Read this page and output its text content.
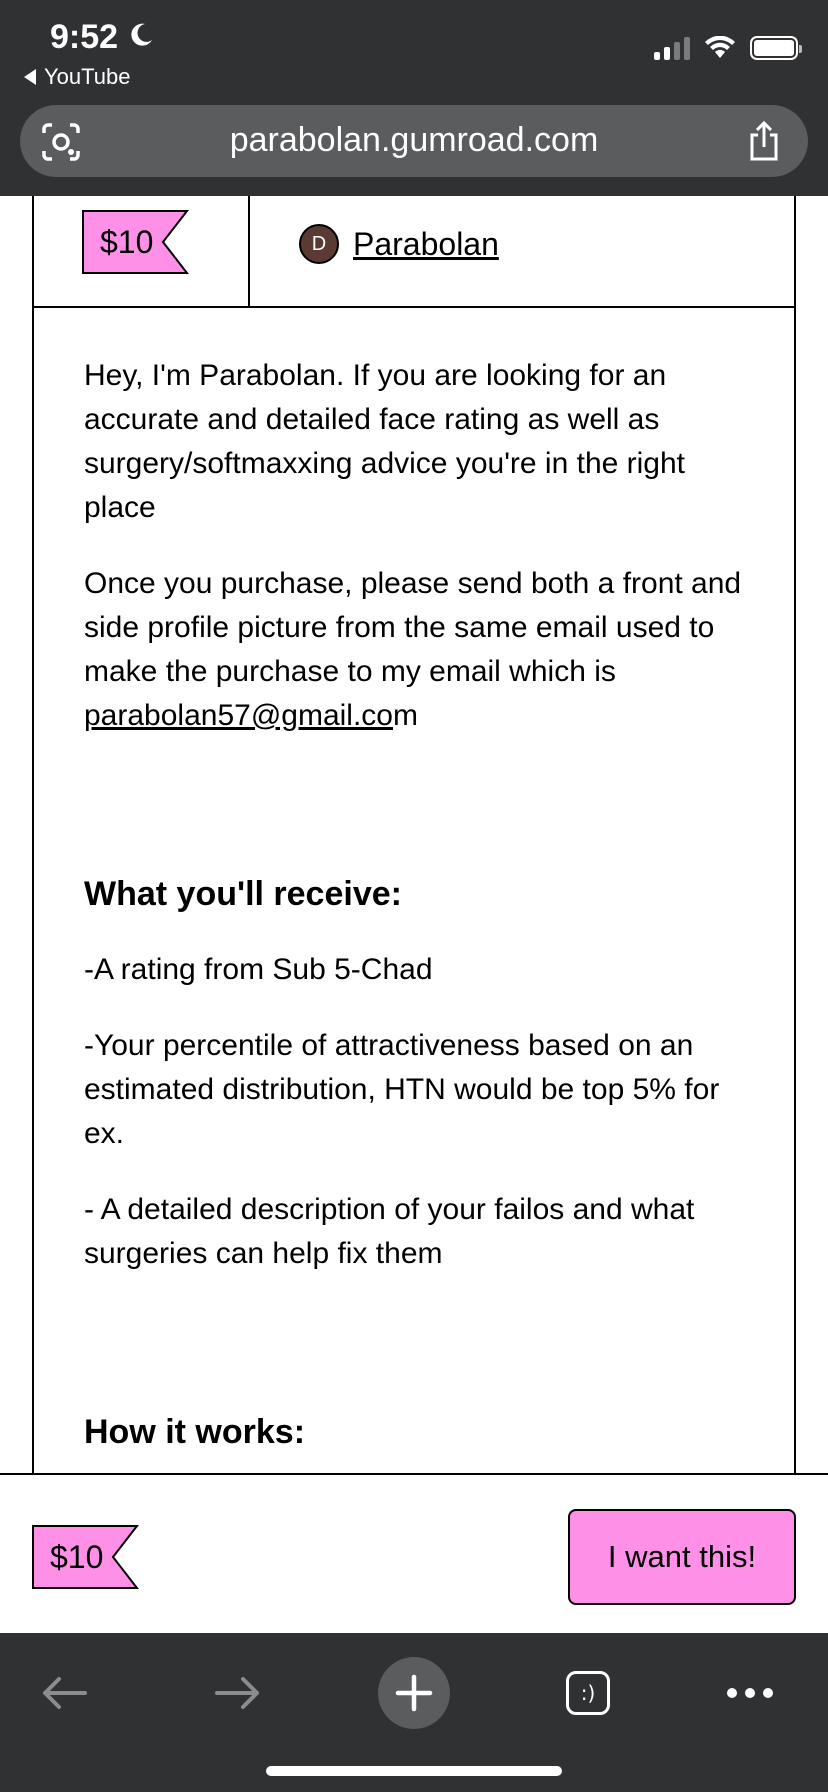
9:52
YouTube
parabolan.gumroad.com
$10	D Parabolan

Hey, I'm Parabolan. If you are looking for an accurate and detailed face rating as well as surgery/softmaxxing advice you're in the right place

Once you purchase, please send both a front and side profile picture from the same email used to make the purchase to my email which is parabolan57@gmail.com

What you'll receive:

-A rating from Sub 5-Chad

-Your percentile of attractiveness based on an estimated distribution, HTN would be top 5% for ex.

- A detailed description of your failos and what surgeries can help fix them

How it works:
$10	I want this!
:)
